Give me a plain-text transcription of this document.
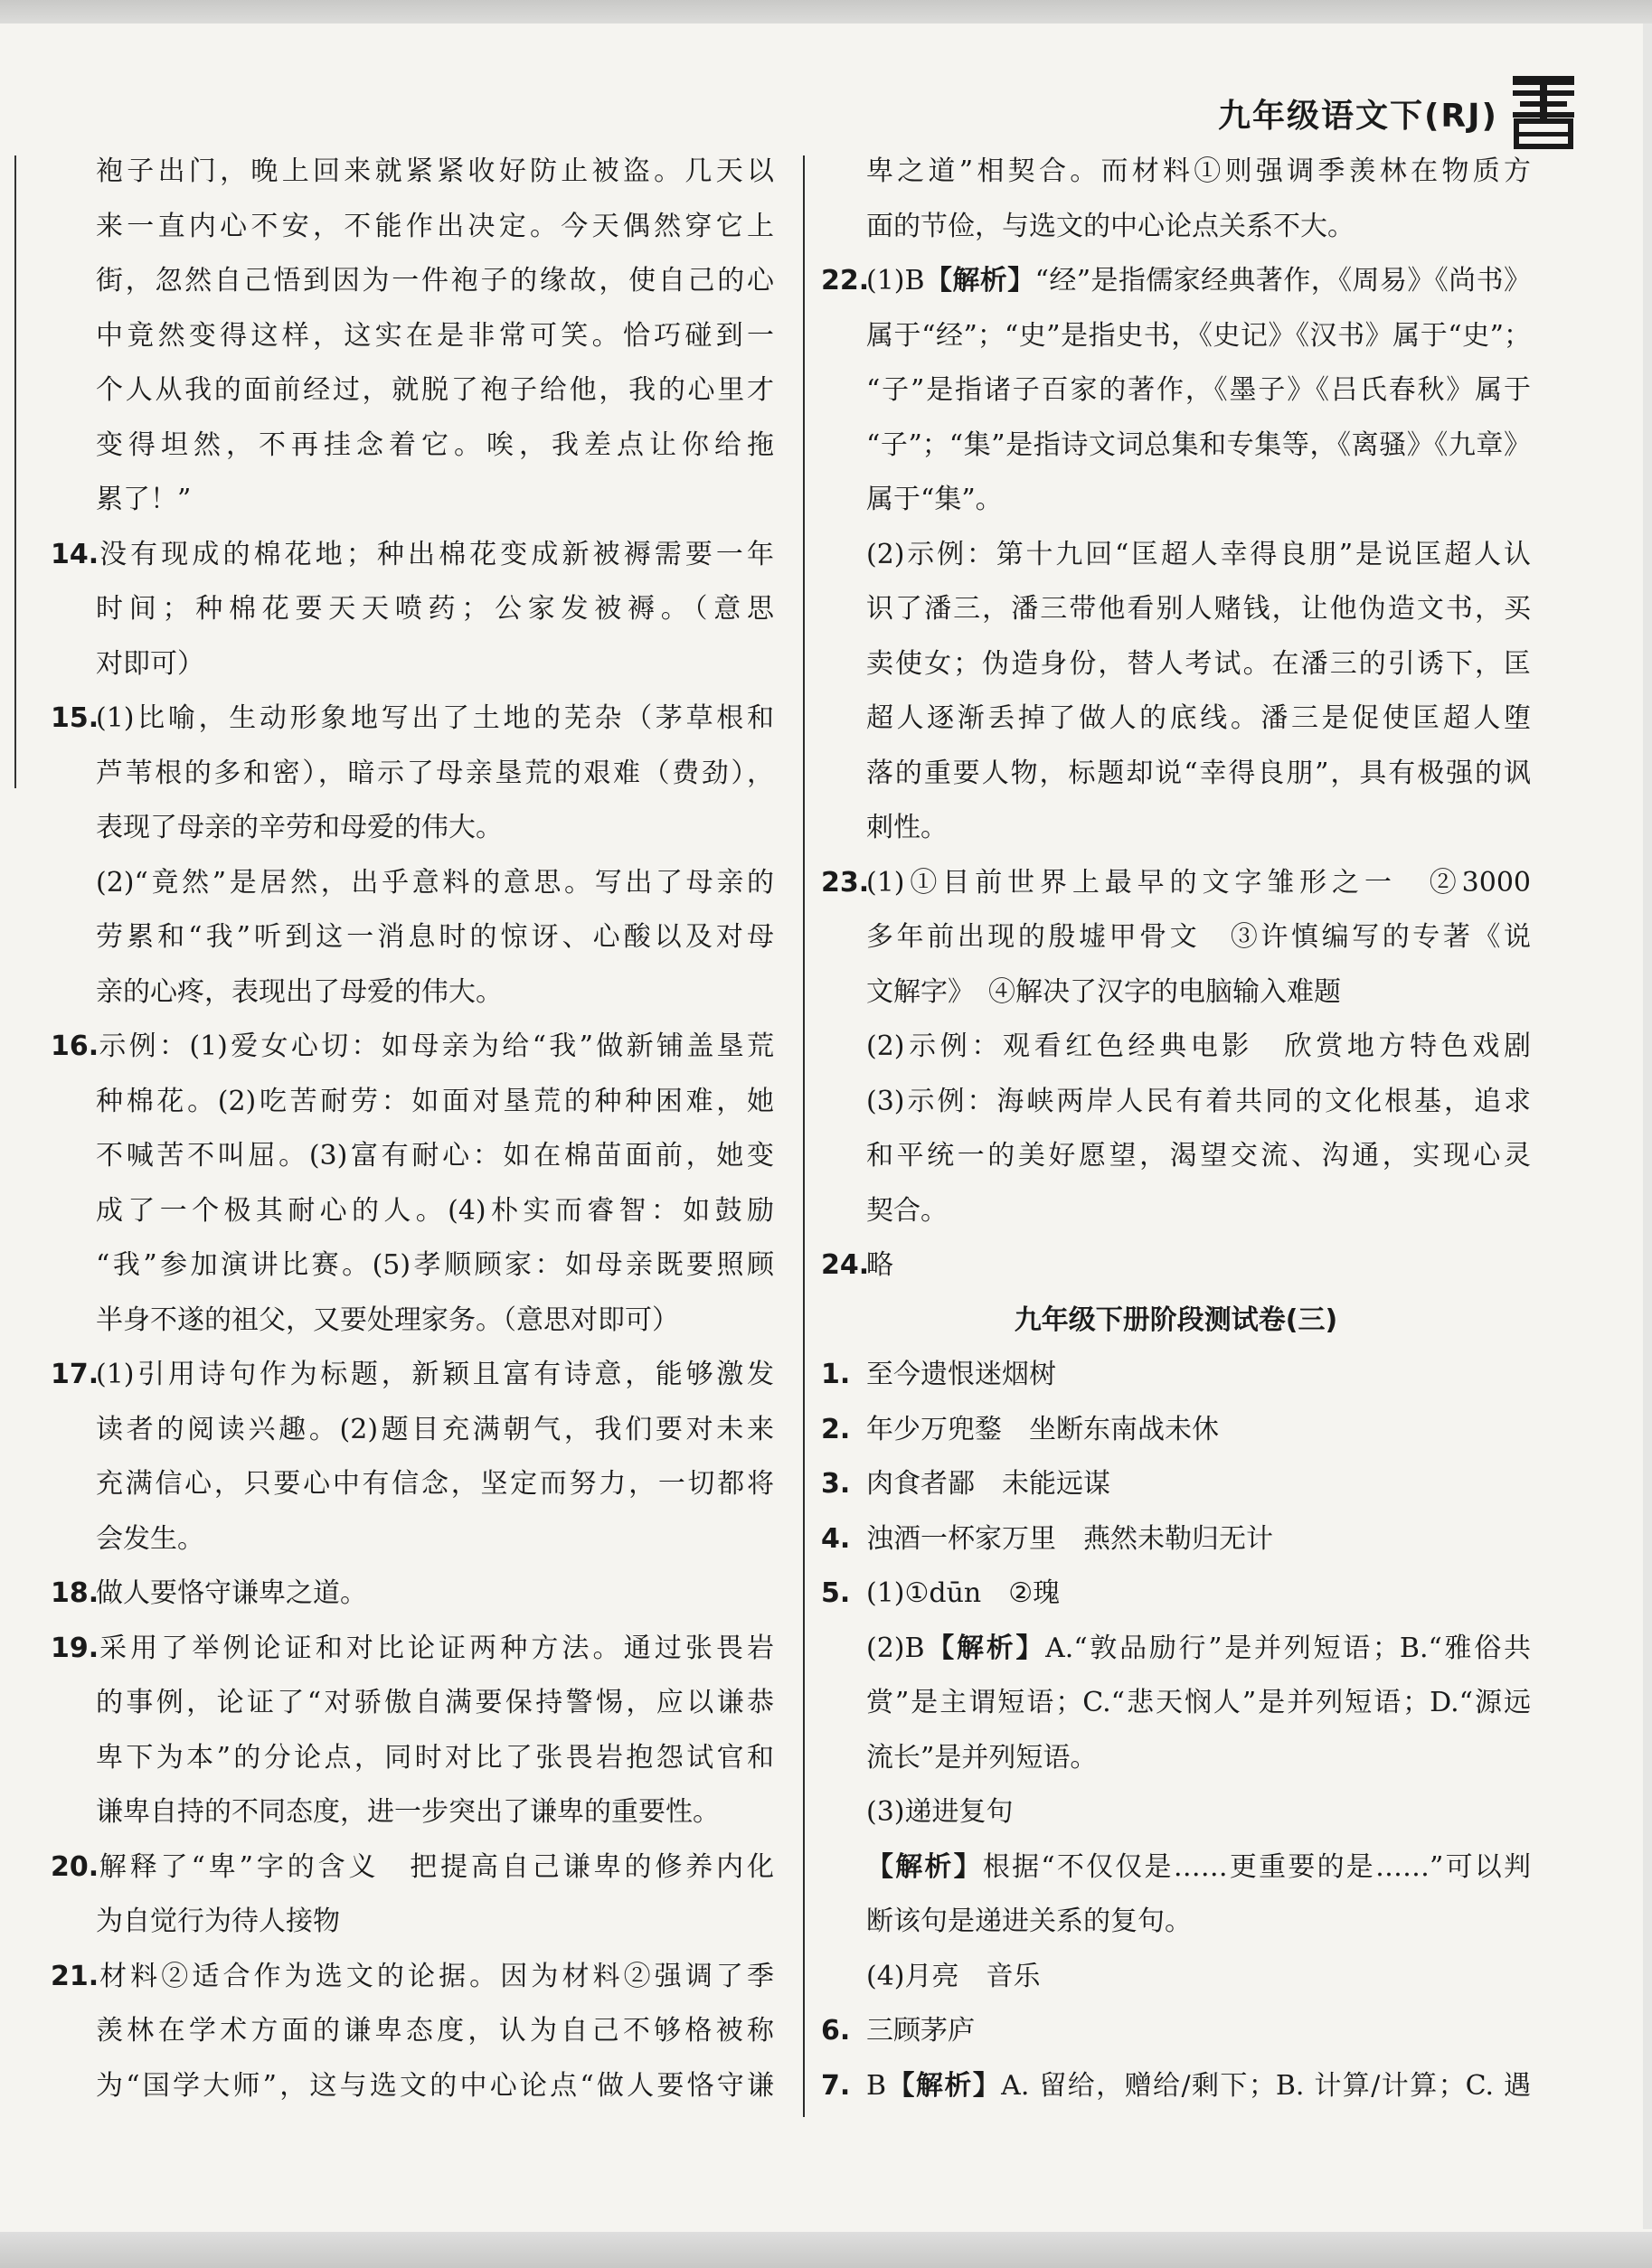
九年级语文下(RJ)
袍子出门，晚上回来就紧紧收好防止被盗。几天以
来一直内心不安，不能作出决定。今天偶然穿它上
街，忽然自己悟到因为一件袍子的缘故，使自己的心
中竟然变得这样，这实在是非常可笑。恰巧碰到一
个人从我的面前经过，就脱了袍子给他，我的心里才
变得坦然，不再挂念着它。唉，我差点让你给拖
累了！”
14.没有现成的棉花地；种出棉花变成新被褥需要一年
时间；种棉花要天天喷药；公家发被褥。（意思
对即可）
15.(1)比喻，生动形象地写出了土地的芜杂（茅草根和
芦苇根的多和密），暗示了母亲垦荒的艰难（费劲），
表现了母亲的辛劳和母爱的伟大。
(2)“竟然”是居然，出乎意料的意思。写出了母亲的
劳累和“我”听到这一消息时的惊讶、心酸以及对母
亲的心疼，表现出了母爱的伟大。
16.示例：(1)爱女心切：如母亲为给“我”做新铺盖垦荒
种棉花。(2)吃苦耐劳：如面对垦荒的种种困难，她
不喊苦不叫屈。(3)富有耐心：如在棉苗面前，她变
成了一个极其耐心的人。(4)朴实而睿智：如鼓励
“我”参加演讲比赛。(5)孝顺顾家：如母亲既要照顾
半身不遂的祖父，又要处理家务。（意思对即可）
17.(1)引用诗句作为标题，新颖且富有诗意，能够激发
读者的阅读兴趣。(2)题目充满朝气，我们要对未来
充满信心，只要心中有信念，坚定而努力，一切都将
会发生。
18.做人要恪守谦卑之道。
19.采用了举例论证和对比论证两种方法。通过张畏岩
的事例，论证了“对骄傲自满要保持警惕，应以谦恭
卑下为本”的分论点，同时对比了张畏岩抱怨试官和
谦卑自持的不同态度，进一步突出了谦卑的重要性。
20.解释了“卑”字的含义　把提高自己谦卑的修养内化
为自觉行为待人接物
21.材料②适合作为选文的论据。因为材料②强调了季
羡林在学术方面的谦卑态度，认为自己不够格被称
为“国学大师”，这与选文的中心论点“做人要恪守谦
卑之道”相契合。而材料①则强调季羡林在物质方
面的节俭，与选文的中心论点关系不大。
22.(1)B【解析】“经”是指儒家经典著作，《周易》《尚书》
属于“经”；“史”是指史书，《史记》《汉书》属于“史”；
“子”是指诸子百家的著作，《墨子》《吕氏春秋》属于
“子”；“集”是指诗文词总集和专集等，《离骚》《九章》
属于“集”。
(2)示例：第十九回“匡超人幸得良朋”是说匡超人认
识了潘三，潘三带他看别人赌钱，让他伪造文书，买
卖使女；伪造身份，替人考试。在潘三的引诱下，匡
超人逐渐丢掉了做人的底线。潘三是促使匡超人堕
落的重要人物，标题却说“幸得良朋”，具有极强的讽
刺性。
23.(1)①目前世界上最早的文字雏形之一　②3000
多年前出现的殷墟甲骨文　③许慎编写的专著《说
文解字》　④解决了汉字的电脑输入难题
(2)示例：观看红色经典电影　欣赏地方特色戏剧
(3)示例：海峡两岸人民有着共同的文化根基，追求
和平统一的美好愿望，渴望交流、沟通，实现心灵
契合。
24.略
九年级下册阶段测试卷(三)
1. 至今遗恨迷烟树
2. 年少万兜鍪　坐断东南战未休
3. 肉食者鄙　未能远谋
4. 浊酒一杯家万里　燕然未勒归无计
5. (1)①dūn　②瑰
(2)B【解析】A.“敦品励行”是并列短语；B.“雅俗共
赏”是主谓短语；C.“悲天悯人”是并列短语；D.“源远
流长”是并列短语。
(3)递进复句
【解析】根据“不仅仅是……更重要的是……”可以判
断该句是递进关系的复句。
(4)月亮　音乐
6. 三顾茅庐
7. B【解析】A. 留给，赠给/剩下；B. 计算/计算；C. 遇
